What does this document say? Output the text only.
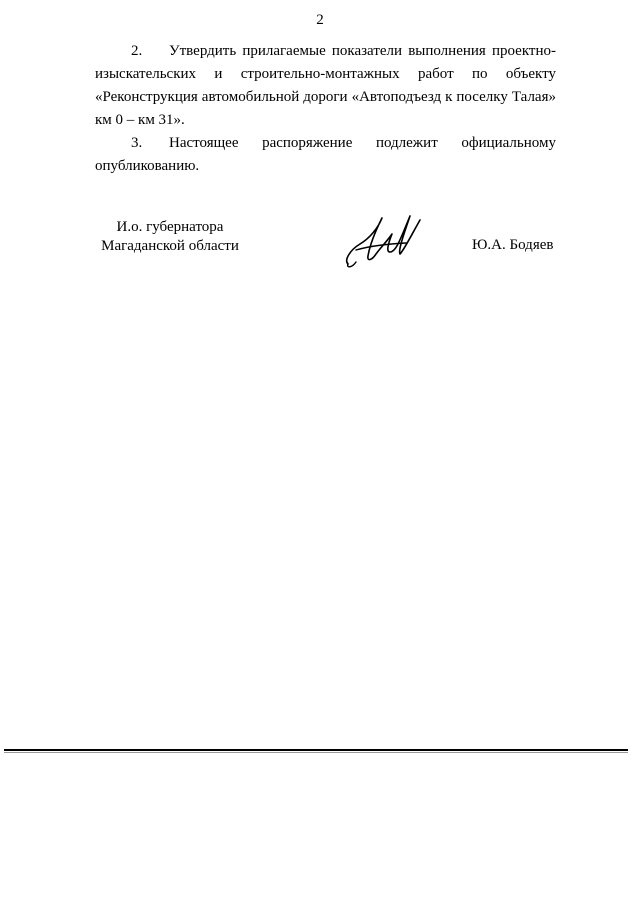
2

2. Утвердить прилагаемые показатели выполнения проектно-изыскательских и строительно-монтажных работ по объекту «Реконструкция автомобильной дороги «Автоподъезд к поселку Талая» км 0 – км 31».

3. Настоящее распоряжение подлежит официальному опубликованию.

И.о. губернатора
Магаданской области	Ю.А. Бодяев
